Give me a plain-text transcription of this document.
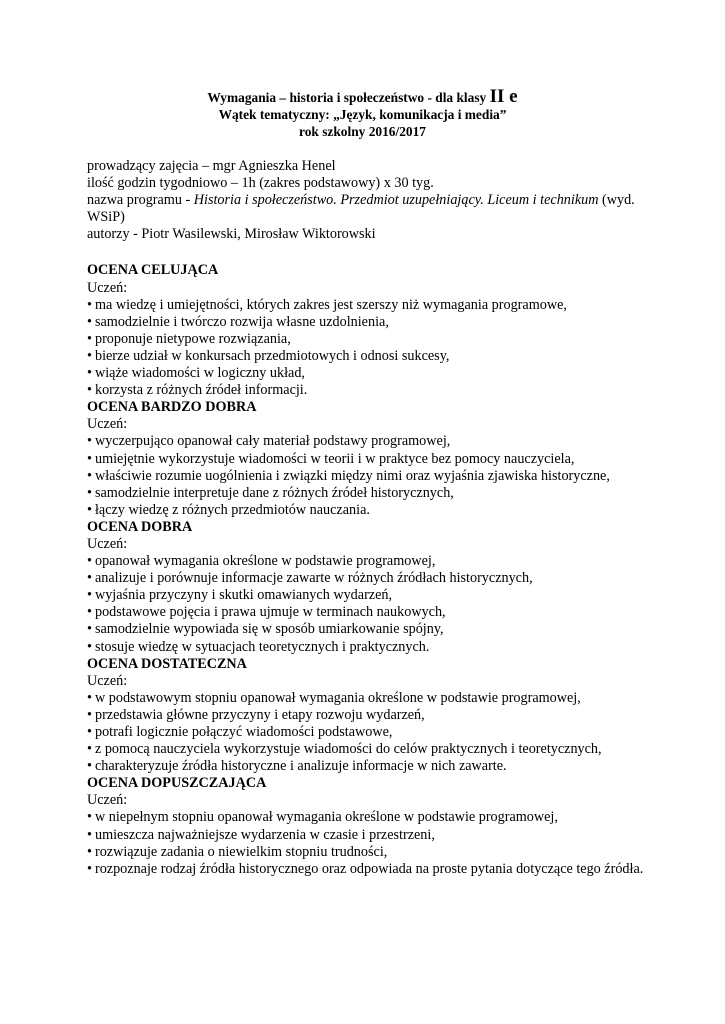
Wymagania – historia i społeczeństwo - dla klasy II e
Wątek tematyczny: „Język, komunikacja i media”
rok szkolny 2016/2017
prowadzący zajęcia – mgr Agnieszka Henel
ilość godzin tygodniowo – 1h (zakres podstawowy) x 30 tyg.
nazwa programu - Historia i społeczeństwo. Przedmiot uzupełniający. Liceum i technikum (wyd. WSiP)
autorzy - Piotr Wasilewski, Mirosław Wiktorowski
OCENA CELUJĄCA
Uczeń:
• ma wiedzę i umiejętności, których zakres jest szerszy niż wymagania programowe,
• samodzielnie i twórczo rozwija własne uzdolnienia,
• proponuje nietypowe rozwiązania,
• bierze udział w konkursach przedmiotowych i odnosi sukcesy,
• wiąże wiadomości w logiczny układ,
• korzysta z różnych źródeł informacji.
OCENA BARDZO DOBRA
Uczeń:
• wyczerpująco opanował cały materiał podstawy programowej,
• umiejętnie wykorzystuje wiadomości w teorii i w praktyce bez pomocy nauczyciela,
• właściwie rozumie uogólnienia i związki między nimi oraz wyjaśnia zjawiska historyczne,
• samodzielnie interpretuje dane z różnych źródeł historycznych,
• łączy wiedzę z różnych przedmiotów nauczania.
OCENA DOBRA
Uczeń:
• opanował wymagania określone w podstawie programowej,
• analizuje i porównuje informacje zawarte w różnych źródłach historycznych,
• wyjaśnia przyczyny i skutki omawianych wydarzeń,
• podstawowe pojęcia i prawa ujmuje w terminach naukowych,
• samodzielnie wypowiada się w sposób umiarkowanie spójny,
• stosuje wiedzę w sytuacjach teoretycznych i praktycznych.
OCENA DOSTATECZNA
Uczeń:
• w podstawowym stopniu opanował wymagania określone w podstawie programowej,
• przedstawia główne przyczyny i etapy rozwoju wydarzeń,
• potrafi logicznie połączyć wiadomości podstawowe,
• z pomocą nauczyciela wykorzystuje wiadomości do celów praktycznych i teoretycznych,
• charakteryzuje źródła historyczne i analizuje informacje w nich zawarte.
OCENA DOPUSZCZAJĄCA
Uczeń:
• w niepełnym stopniu opanował wymagania określone w podstawie programowej,
• umieszcza najważniejsze wydarzenia w czasie i przestrzeni,
• rozwiązuje zadania o niewielkim stopniu trudności,
• rozpoznaje rodzaj źródła historycznego oraz odpowiada na proste pytania dotyczące tego źródła.
